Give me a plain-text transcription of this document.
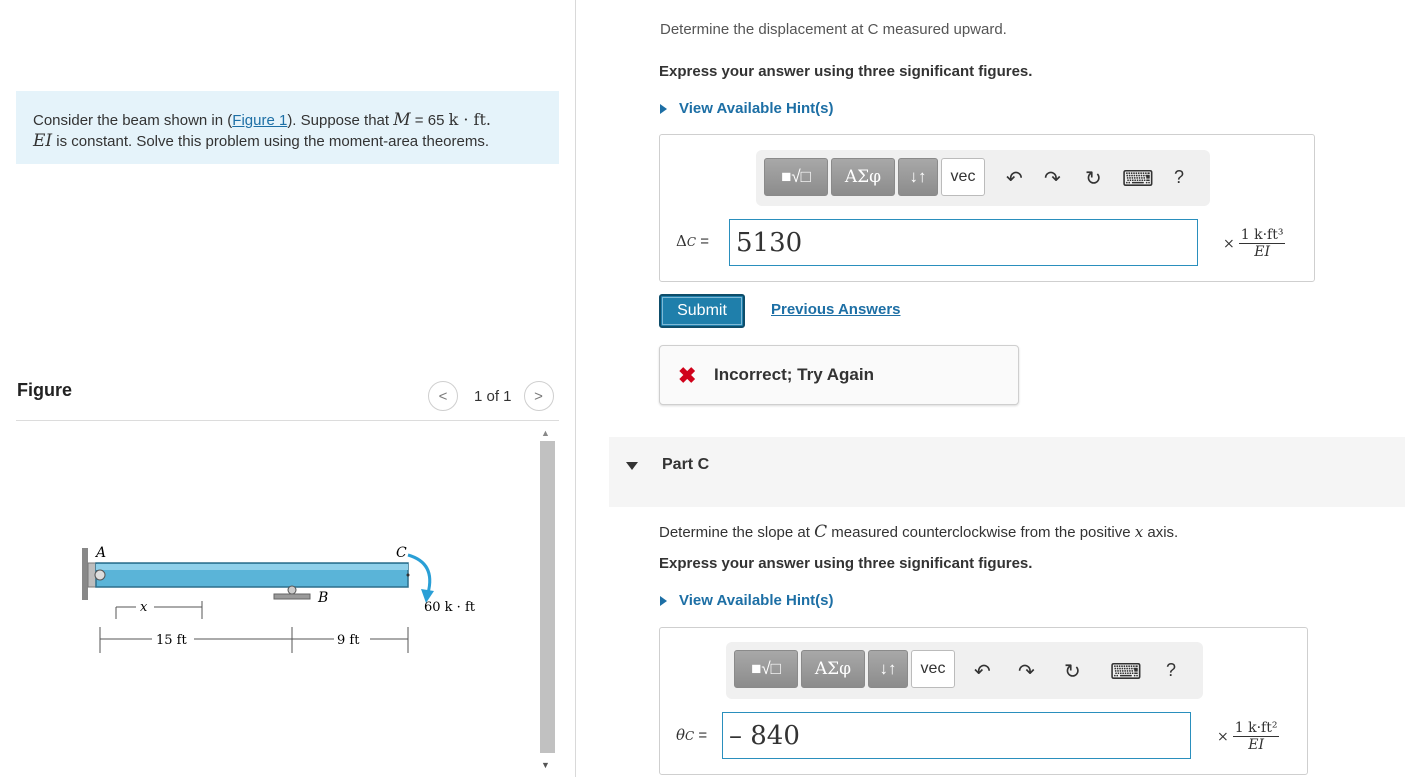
Consider the beam shown in (Figure 1). Suppose that M = 65 k · ft.
EI is constant. Solve this problem using the moment-area theorems.
Figure	< 1 of 1 >
A	C
B
60 k · ft
x
15 ft	9 ft
▲
▼
Determine the displacement at C measured upward.
Express your answer using three significant figures.
View Available Hint(s)
■√□ ΑΣφ ↓↑ vec ↶ ↷ ↻ ⌨ ?
ΔC = 5130	× $\frac{\text{1 k·ft³}}{EI}$
Submit	Previous Answers
✖ Incorrect; Try Again
Part C
Determine the slope at C measured counterclockwise from the positive x axis.
Express your answer using three significant figures.
View Available Hint(s)
■√□ ΑΣφ ↓↑ vec ↶ ↷ ↻ ⌨ ?
θC = – 840	× $\frac{\text{1 k·ft²}}{EI}$
